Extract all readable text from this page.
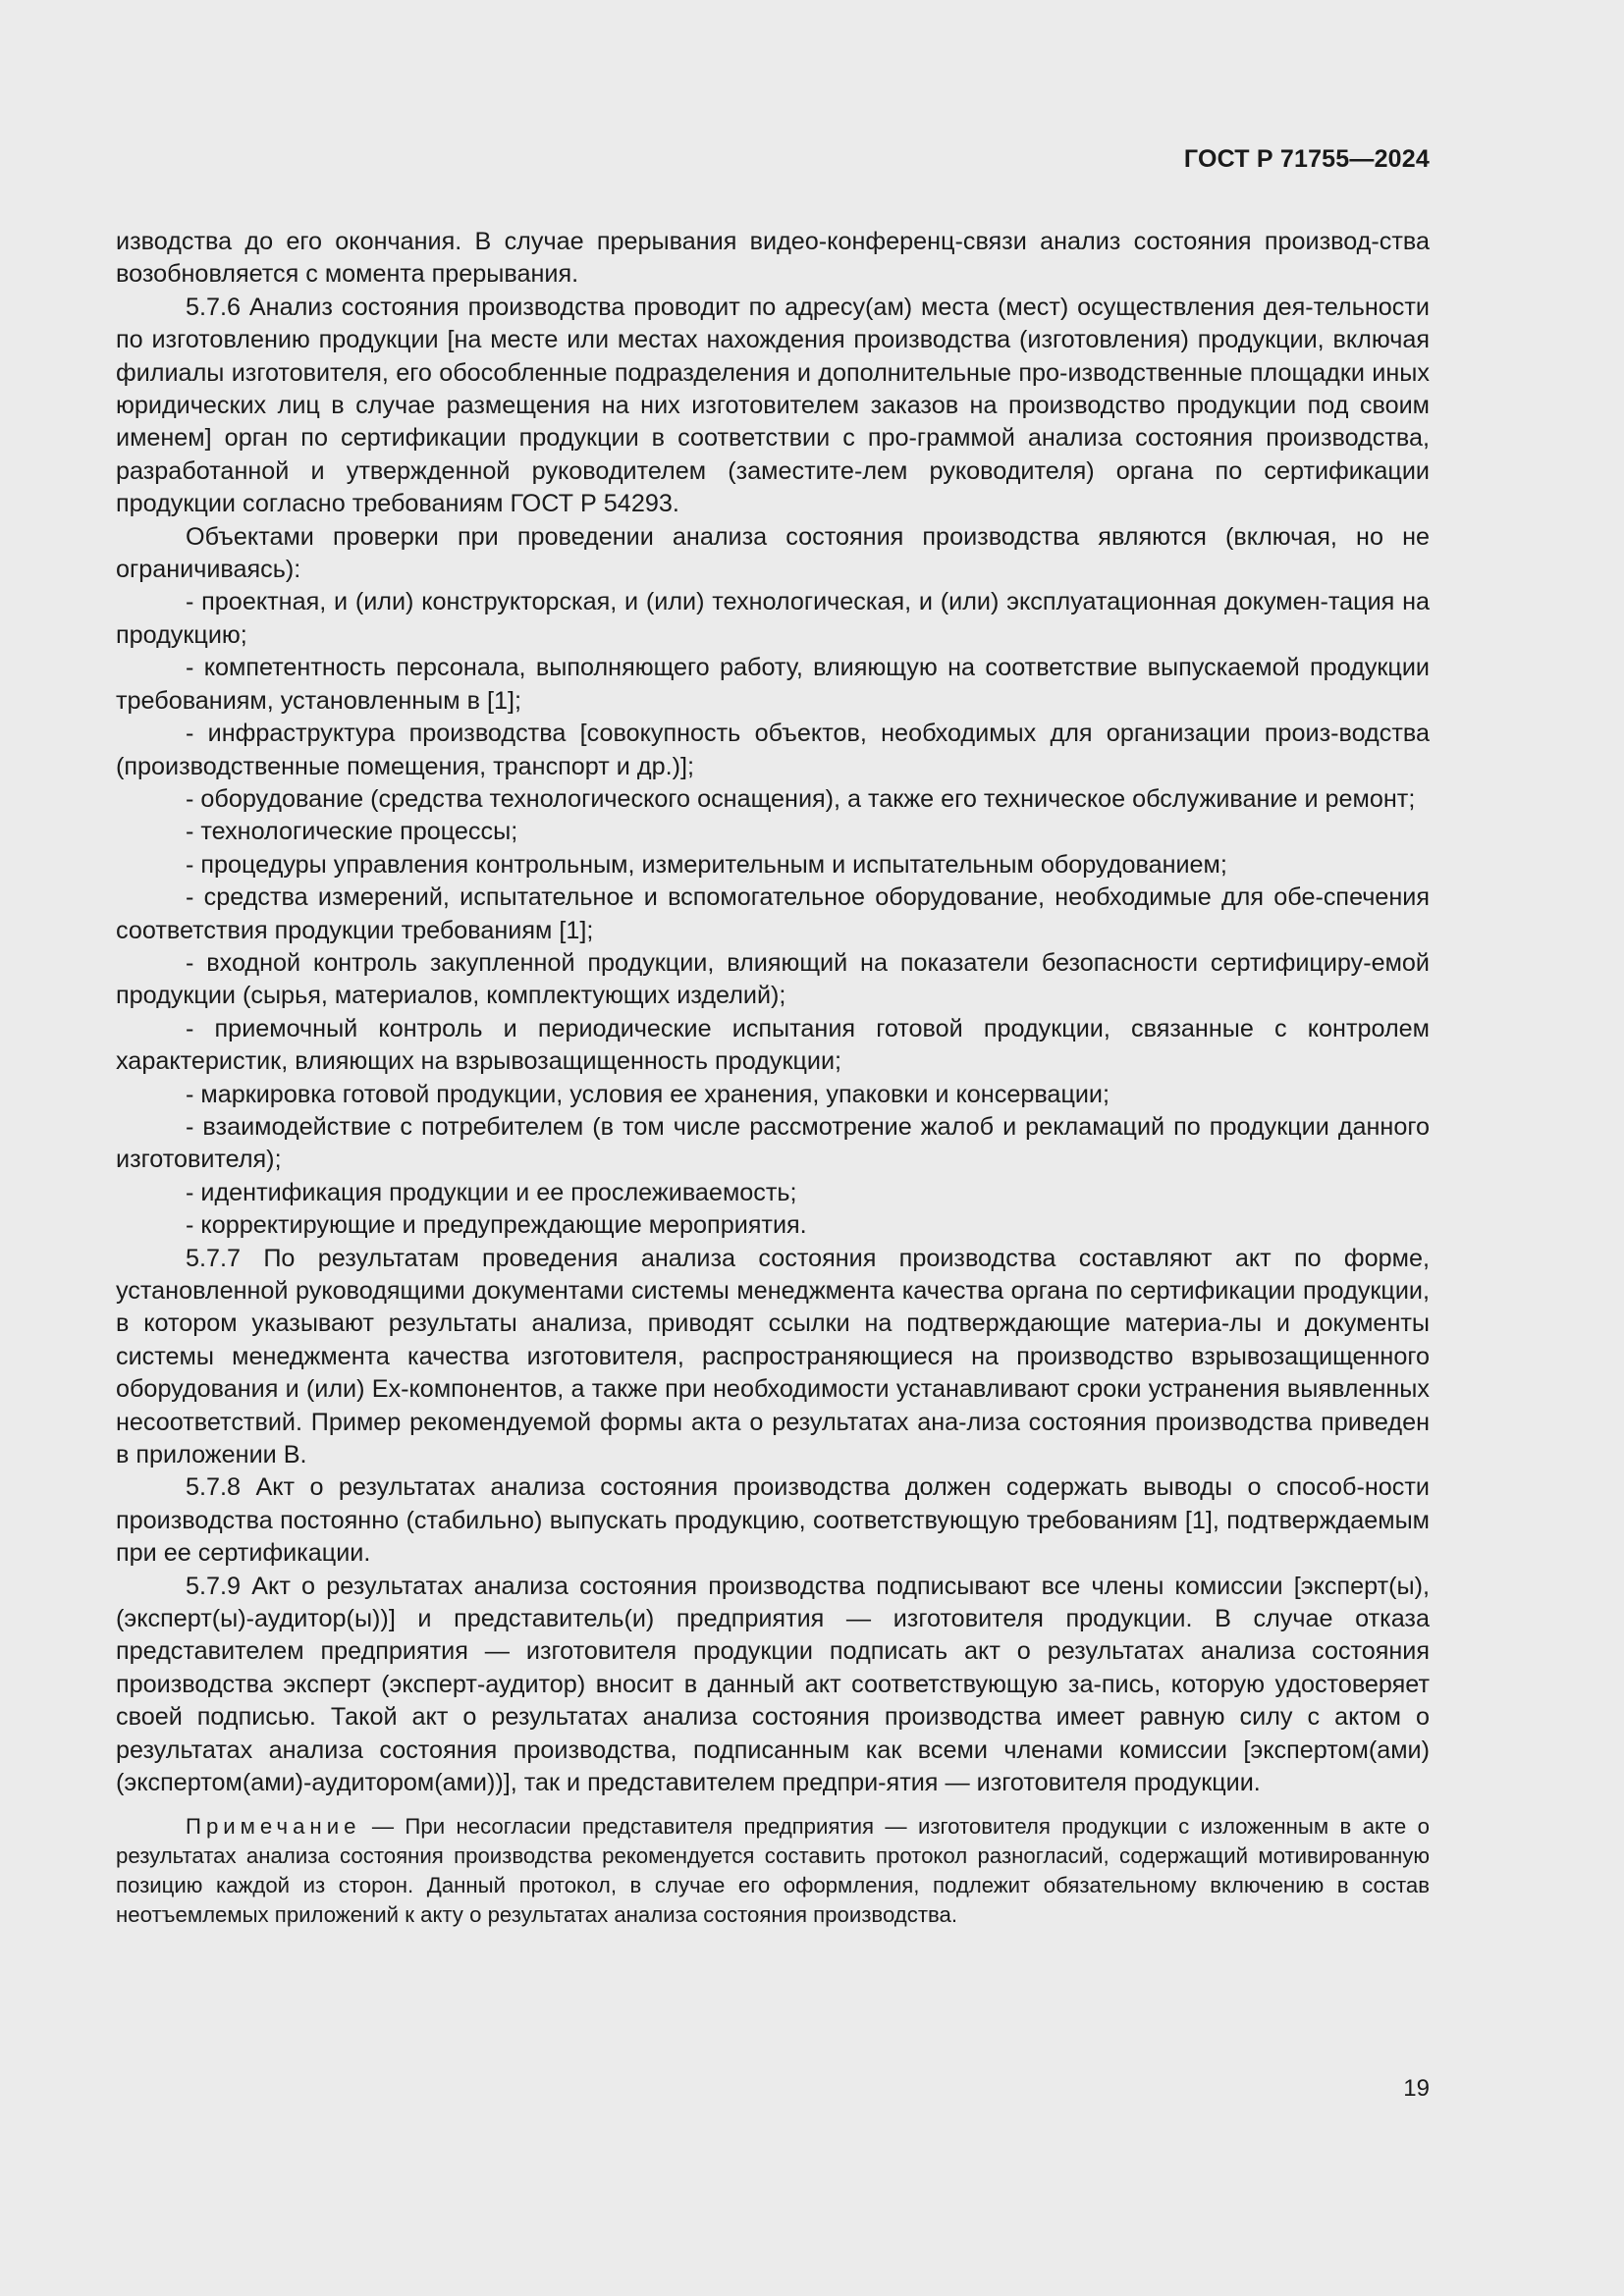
ГОСТ Р 71755—2024

изводства до его окончания. В случае прерывания видео-конференц-связи анализ состояния производ-ства возобновляется с момента прерывания.

5.7.6 Анализ состояния производства проводит по адресу(ам) места (мест) осуществления дея-тельности по изготовлению продукции [на месте или местах нахождения производства (изготовления) продукции, включая филиалы изготовителя, его обособленные подразделения и дополнительные про-изводственные площадки иных юридических лиц в случае размещения на них изготовителем заказов на производство продукции под своим именем] орган по сертификации продукции в соответствии с про-граммой анализа состояния производства, разработанной и утвержденной руководителем (заместите-лем руководителя) органа по сертификации продукции согласно требованиям ГОСТ Р 54293.

Объектами проверки при проведении анализа состояния производства являются (включая, но не ограничиваясь):

- проектная, и (или) конструкторская, и (или) технологическая, и (или) эксплуатационная докумен-тация на продукцию;

- компетентность персонала, выполняющего работу, влияющую на соответствие выпускаемой продукции требованиям, установленным в [1];

- инфраструктура производства [совокупность объектов, необходимых для организации произ-водства (производственные помещения, транспорт и др.)];

- оборудование (средства технологического оснащения), а также его техническое обслуживание и ремонт;

- технологические процессы;

- процедуры управления контрольным, измерительным и испытательным оборудованием;

- средства измерений, испытательное и вспомогательное оборудование, необходимые для обе-спечения соответствия продукции требованиям [1];

- входной контроль закупленной продукции, влияющий на показатели безопасности сертифициру-емой продукции (сырья, материалов, комплектующих изделий);

- приемочный контроль и периодические испытания готовой продукции, связанные с контролем характеристик, влияющих на взрывозащищенность продукции;

- маркировка готовой продукции, условия ее хранения, упаковки и консервации;

- взаимодействие с потребителем (в том числе рассмотрение жалоб и рекламаций по продукции данного изготовителя);

- идентификация продукции и ее прослеживаемость;

- корректирующие и предупреждающие мероприятия.

5.7.7 По результатам проведения анализа состояния производства составляют акт по форме, установленной руководящими документами системы менеджмента качества органа по сертификации продукции, в котором указывают результаты анализа, приводят ссылки на подтверждающие материа-лы и документы системы менеджмента качества изготовителя, распространяющиеся на производство взрывозащищенного оборудования и (или) Ех-компонентов, а также при необходимости устанавливают сроки устранения выявленных несоответствий. Пример рекомендуемой формы акта о результатах ана-лиза состояния производства приведен в приложении В.

5.7.8 Акт о результатах анализа состояния производства должен содержать выводы о способ-ности производства постоянно (стабильно) выпускать продукцию, соответствующую требованиям [1], подтверждаемым при ее сертификации.

5.7.9 Акт о результатах анализа состояния производства подписывают все члены комиссии [эксперт(ы), (эксперт(ы)-аудитор(ы))] и представитель(и) предприятия — изготовителя продукции. В случае отказа представителем предприятия — изготовителя продукции подписать акт о результатах анализа состояния производства эксперт (эксперт-аудитор) вносит в данный акт соответствующую за-пись, которую удостоверяет своей подписью. Такой акт о результатах анализа состояния производства имеет равную силу с актом о результатах анализа состояния производства, подписанным как всеми членами комиссии [экспертом(ами) (экспертом(ами)-аудитором(ами))], так и представителем предпри-ятия — изготовителя продукции.

Примечание — При несогласии представителя предприятия — изготовителя продукции с изложенным в акте о результатах анализа состояния производства рекомендуется составить протокол разногласий, содержащий мотивированную позицию каждой из сторон. Данный протокол, в случае его оформления, подлежит обязательному включению в состав неотъемлемых приложений к акту о результатах анализа состояния производства.

19
